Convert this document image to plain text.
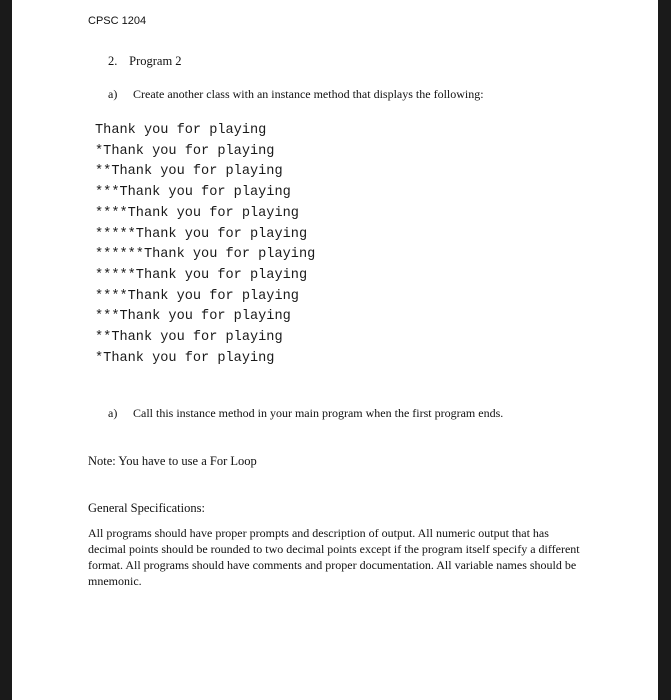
CPSC 1204
2. Program 2
a) Create another class with an instance method that displays the following:
Thank you for playing
*Thank you for playing
**Thank you for playing
***Thank you for playing
****Thank you for playing
*****Thank you for playing
******Thank you for playing
*****Thank you for playing
****Thank you for playing
***Thank you for playing
**Thank you for playing
*Thank you for playing
a) Call this instance method in your main program when the first program ends.
Note: You have to use a For Loop
General Specifications:

All programs should have proper prompts and description of output. All numeric output that has decimal points should be rounded to two decimal points except if the program itself specify a different format. All programs should have comments and proper documentation. All variable names should be mnemonic.
